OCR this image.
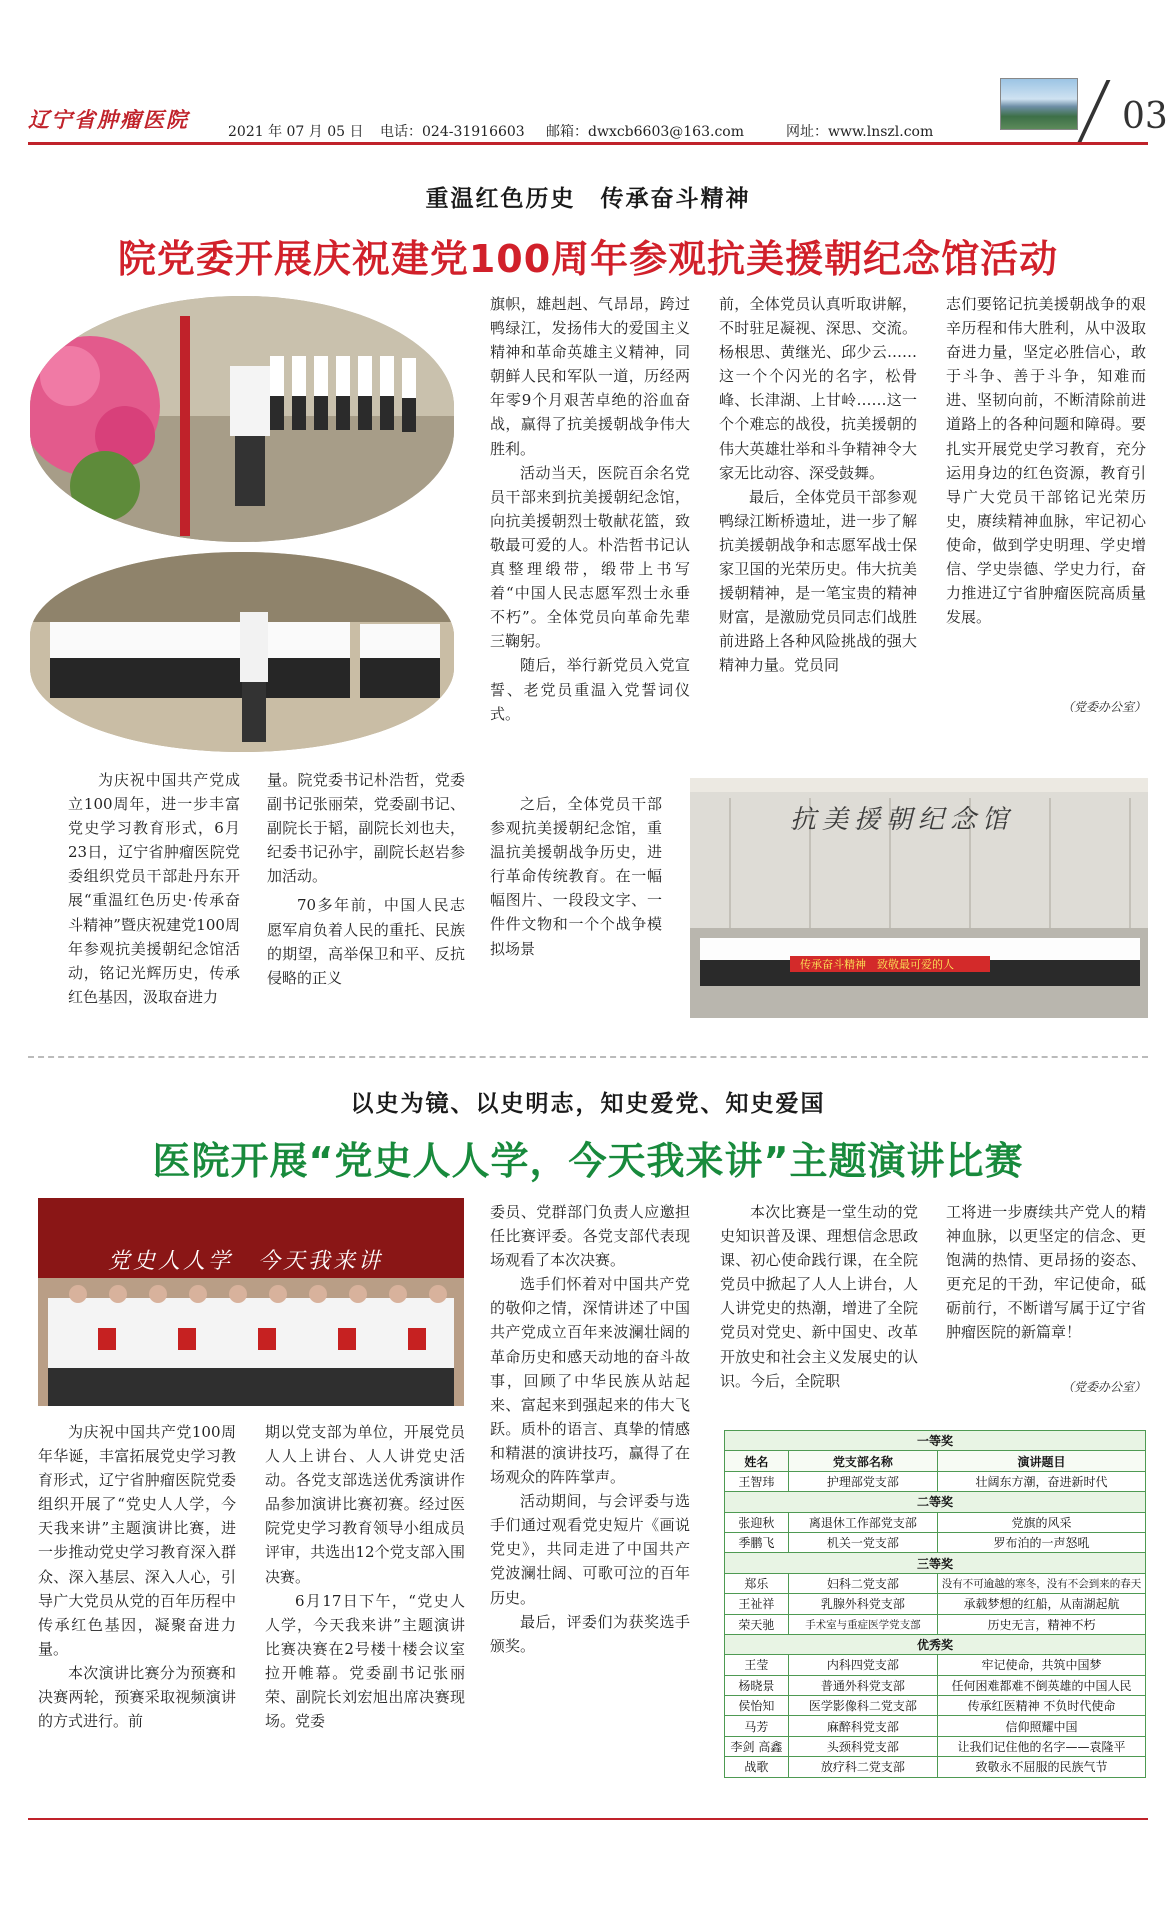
辽宁省肿瘤医院	2021 年 07 月 05 日 电话：024-31916603 邮箱：dwxcb6603@163.com	网址：www.lnszl.com	03
重温红色历史　传承奋斗精神
院党委开展庆祝建党100周年参观抗美援朝纪念馆活动

为庆祝中国共产党成立100周年，进一步丰富党史学习教育形式，6月23日，辽宁省肿瘤医院党委组织党员干部赴丹东开展“重温红色历史·传承奋斗精神”暨庆祝建党100周年参观抗美援朝纪念馆活动，铭记光辉历史，传承红色基因，汲取奋进力

量。院党委书记朴浩哲，党委副书记张丽荣，党委副书记、副院长于韬，副院长刘也夫，纪委书记孙宇，副院长赵岩参加活动。

70多年前，中国人民志愿军肩负着人民的重托、民族的期望，高举保卫和平、反抗侵略的正义

旗帜，雄赳赳、气昂昂，跨过鸭绿江，发扬伟大的爱国主义精神和革命英雄主义精神，同朝鲜人民和军队一道，历经两年零9个月艰苦卓绝的浴血奋战，赢得了抗美援朝战争伟大胜利。

活动当天，医院百余名党员干部来到抗美援朝纪念馆，向抗美援朝烈士敬献花篮，致敬最可爱的人。朴浩哲书记认真整理缎带，缎带上书写着“中国人民志愿军烈士永垂不朽”。全体党员向革命先辈三鞠躬。

随后，举行新党员入党宣誓、老党员重温入党誓词仪式。

之后，全体党员干部参观抗美援朝纪念馆，重温抗美援朝战争历史，进行革命传统教育。在一幅幅图片、一段段文字、一件件文物和一个个战争模拟场景

前，全体党员认真听取讲解，不时驻足凝视、深思、交流。杨根思、黄继光、邱少云……这一个个闪光的名字，松骨峰、长津湖、上甘岭……这一个个难忘的战役，抗美援朝的伟大英雄壮举和斗争精神令大家无比动容、深受鼓舞。

最后，全体党员干部参观鸭绿江断桥遗址，进一步了解抗美援朝战争和志愿军战士保家卫国的光荣历史。伟大抗美援朝精神，是一笔宝贵的精神财富，是激励党员同志们战胜前进路上各种风险挑战的强大精神力量。党员同

志们要铭记抗美援朝战争的艰辛历程和伟大胜利，从中汲取奋进力量，坚定必胜信心，敢于斗争、善于斗争，知难而进、坚韧向前，不断清除前进道路上的各种问题和障碍。要扎实开展党史学习教育，充分运用身边的红色资源，教育引导广大党员干部铭记光荣历史，赓续精神血脉，牢记初心使命，做到学史明理、学史增信、学史崇德、学史力行，奋力推进辽宁省肿瘤医院高质量发展。

（党委办公室）
传承奋斗精神　致敬最可爱的人
抗美援朝纪念馆
以史为镜、以史明志，知史爱党、知史爱国
医院开展“党史人人学，今天我来讲”主题演讲比赛
党史人人学　今天我来讲

为庆祝中国共产党100周年华诞，丰富拓展党史学习教育形式，辽宁省肿瘤医院党委组织开展了“党史人人学，今天我来讲”主题演讲比赛，进一步推动党史学习教育深入群众、深入基层、深入人心，引导广大党员从党的百年历程中传承红色基因，凝聚奋进力量。

本次演讲比赛分为预赛和决赛两轮，预赛采取视频演讲的方式进行。前

期以党支部为单位，开展党员人人上讲台、人人讲党史活动。各党支部选送优秀演讲作品参加演讲比赛初赛。经过医院党史学习教育领导小组成员评审，共选出12个党支部入围决赛。

6月17日下午，“党史人人学，今天我来讲”主题演讲比赛决赛在2号楼十楼会议室拉开帷幕。党委副书记张丽荣、副院长刘宏旭出席决赛现场。党委

委员、党群部门负责人应邀担任比赛评委。各党支部代表现场观看了本次决赛。

选手们怀着对中国共产党的敬仰之情，深情讲述了中国共产党成立百年来波澜壮阔的革命历史和感天动地的奋斗故事，回顾了中华民族从站起来、富起来到强起来的伟大飞跃。质朴的语言、真挚的情感和精湛的演讲技巧，赢得了在场观众的阵阵掌声。

活动期间，与会评委与选手们通过观看党史短片《画说党史》，共同走进了中国共产党波澜壮阔、可歌可泣的百年历史。

最后，评委们为获奖选手颁奖。

本次比赛是一堂生动的党史知识普及课、理想信念思政课、初心使命践行课，在全院党员中掀起了人人上讲台，人人讲党史的热潮，增进了全院党员对党史、新中国史、改革开放史和社会主义发展史的认识。今后，全院职

工将进一步赓续共产党人的精神血脉，以更坚定的信念、更饱满的热情、更昂扬的姿态、更充足的干劲，牢记使命，砥砺前行，不断谱写属于辽宁省肿瘤医院的新篇章！

（党委办公室）
一等奖		
姓名	党支部名称	演讲题目
王智玮	护理部党支部	壮阔东方潮，奋进新时代
二等奖		
张迎秋	离退休工作部党支部	党旗的风采
季鹏飞	机关一党支部	罗布泊的一声怒吼
三等奖		
郑乐	妇科二党支部	没有不可逾越的寒冬，没有不会到来的春天
王祉祥	乳腺外科党支部	承载梦想的红船，从南湖起航
荣天驰	手术室与重症医学党支部	历史无言，精神不朽
优秀奖		
王莹	内科四党支部	牢记使命，共筑中国梦
杨晓景	普通外科党支部	任何困难都难不倒英雄的中国人民
侯怡知	医学影像科二党支部	传承红医精神 不负时代使命
马芳	麻醉科党支部	信仰照耀中国
李剑 高鑫	头颈科党支部	让我们记住他的名字——袁隆平
战歌	放疗科二党支部	致敬永不屈服的民族气节
